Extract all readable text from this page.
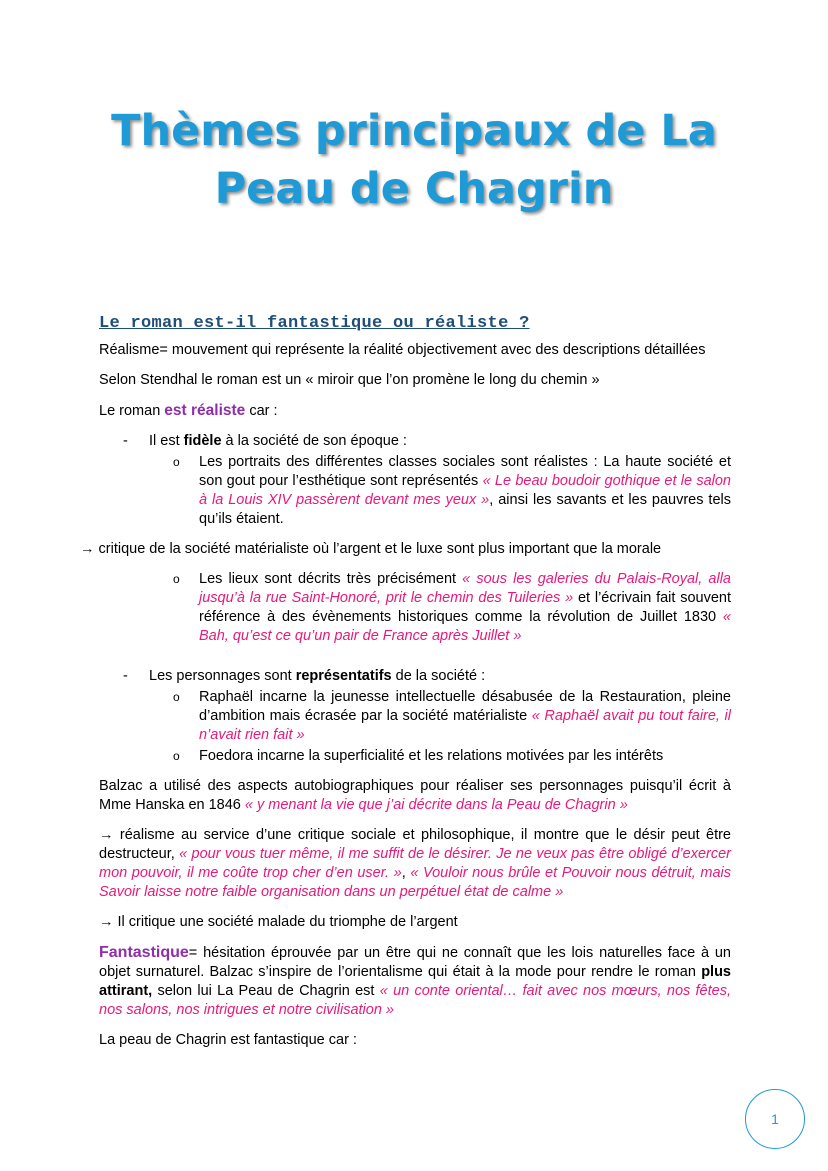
Thèmes principaux de La
Peau de Chagrin
Le roman est-il fantastique ou réaliste ?

Réalisme= mouvement qui représente la réalité objectivement avec des descriptions détaillées

Selon Stendhal le roman est un « miroir que l’on promène le long du chemin »

Le roman est réaliste car :

- Il est fidèle à la société de son époque :
o Les portraits des différentes classes sociales sont réalistes : La haute société et son gout pour l’esthétique sont représentés « Le beau boudoir gothique et le salon à la Louis XIV passèrent devant mes yeux », ainsi les savants et les pauvres tels qu’ils étaient.

→ critique de la société matérialiste où l’argent et le luxe sont plus important que la morale

o Les lieux sont décrits très précisément « sous les galeries du Palais-Royal, alla jusqu’à la rue Saint-Honoré, prit le chemin des Tuileries » et l’écrivain fait souvent référence à des évènements historiques comme la révolution de Juillet 1830 « Bah, qu’est ce qu’un pair de France après Juillet »
- Les personnages sont représentatifs de la société :
o Raphaël incarne la jeunesse intellectuelle désabusée de la Restauration, pleine d’ambition mais écrasée par la société matérialiste « Raphaël avait pu tout faire, il n’avait rien fait »
o Foedora incarne la superficialité et les relations motivées par les intérêts

Balzac a utilisé des aspects autobiographiques pour réaliser ses personnages puisqu’il écrit à Mme Hanska en 1846 « y menant la vie que j’ai décrite dans la Peau de Chagrin »

→ réalisme au service d’une critique sociale et philosophique, il montre que le désir peut être destructeur, « pour vous tuer même, il me suffit de le désirer. Je ne veux pas être obligé d’exercer mon pouvoir, il me coûte trop cher d’en user. », « Vouloir nous brûle et Pouvoir nous détruit, mais Savoir laisse notre faible organisation dans un perpétuel état de calme »

→ Il critique une société malade du triomphe de l’argent

Fantastique= hésitation éprouvée par un être qui ne connaît que les lois naturelles face à un objet surnaturel. Balzac s’inspire de l’orientalisme qui était à la mode pour rendre le roman plus attirant, selon lui La Peau de Chagrin est « un conte oriental… fait avec nos mœurs, nos fêtes, nos salons, nos intrigues et notre civilisation »

La peau de Chagrin est fantastique car :

1
